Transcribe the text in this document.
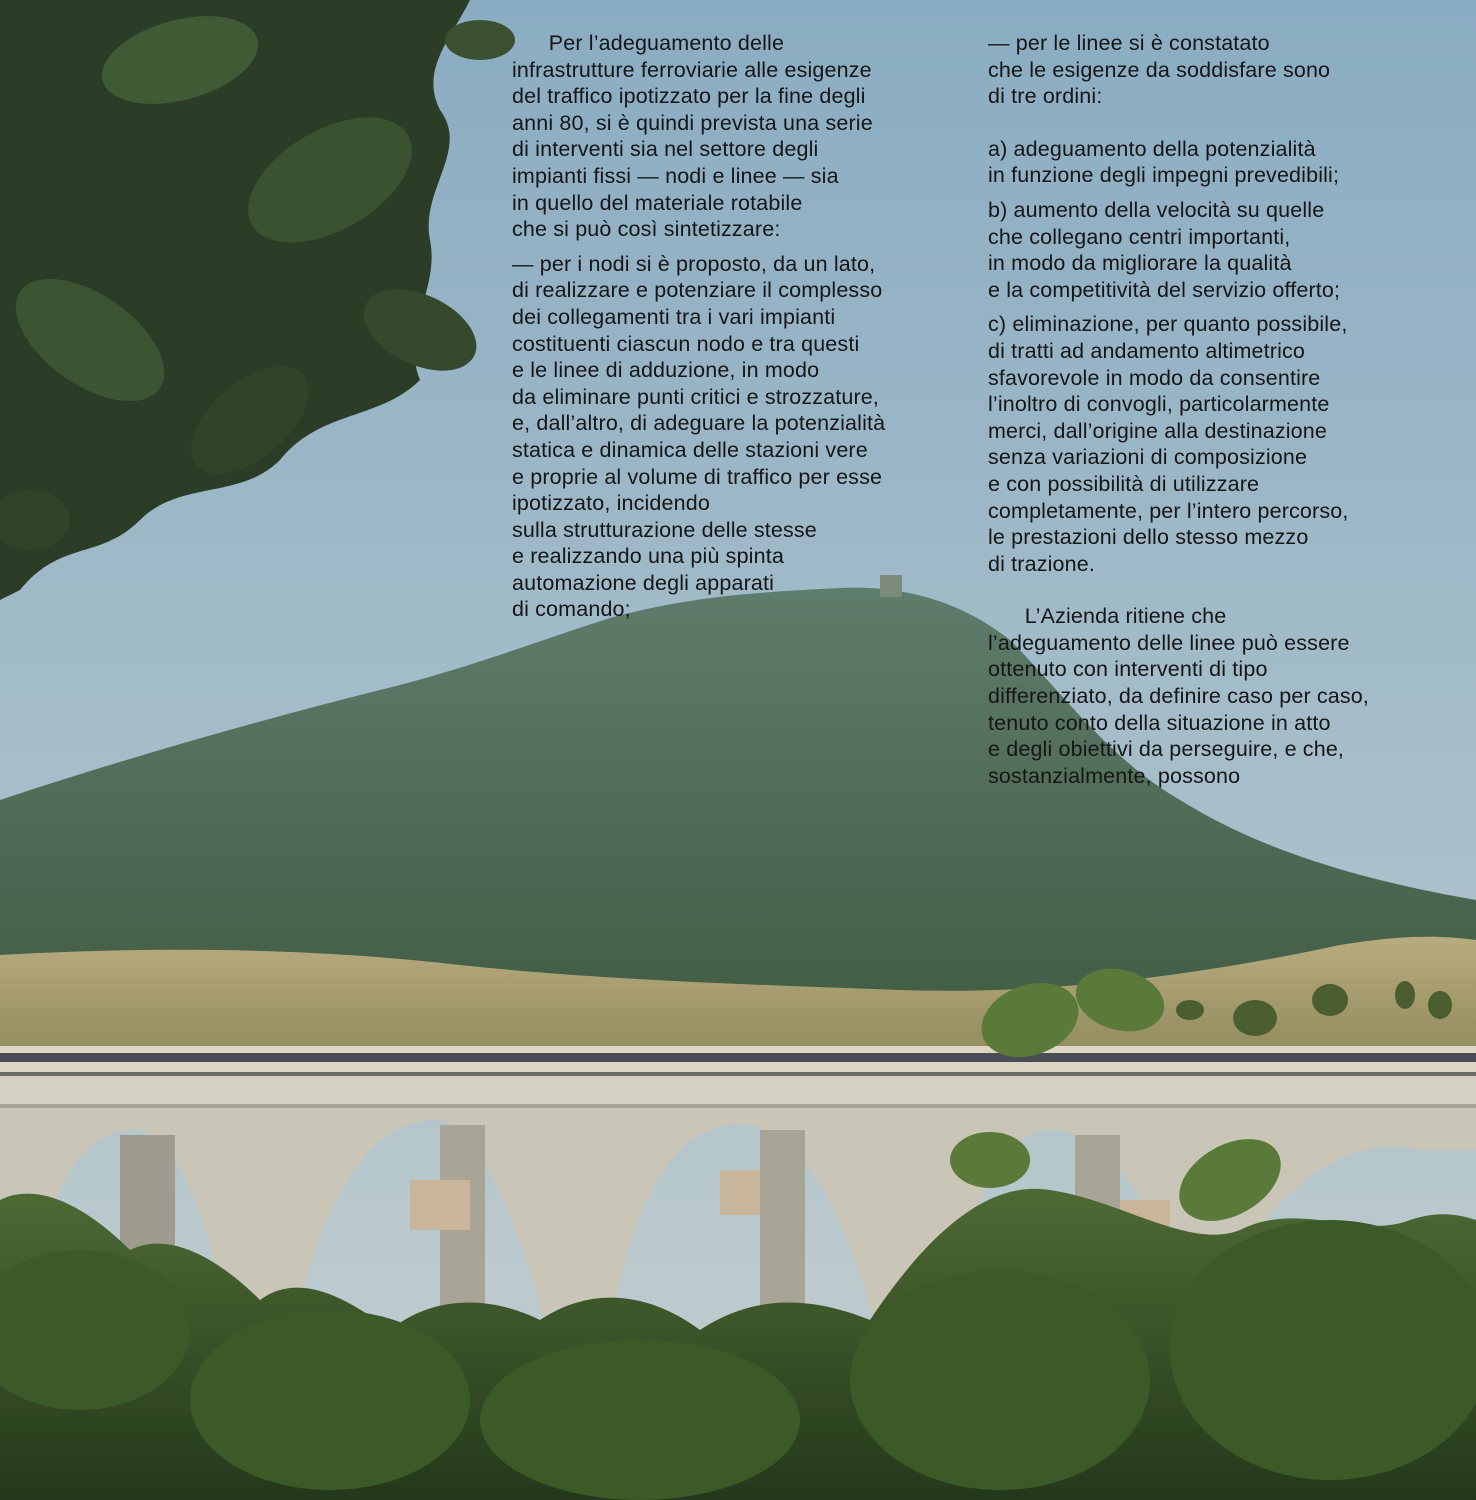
Per l’adeguamento delle
infrastrutture ferroviarie alle esigenze
del traffico ipotizzato per la fine degli
anni 80, si è quindi prevista una serie
di interventi sia nel settore degli
impianti fissi — nodi e linee — sia
in quello del materiale rotabile
che si può così sintetizzare:
— per i nodi si è proposto, da un lato,
di realizzare e potenziare il complesso
dei collegamenti tra i vari impianti
costituenti ciascun nodo e tra questi
e le linee di adduzione, in modo
da eliminare punti critici e strozzature,
e, dall’altro, di adeguare la potenzialità
statica e dinamica delle stazioni vere
e proprie al volume di traffico per esse
ipotizzato, incidendo
sulla strutturazione delle stesse
e realizzando una più spinta
automazione degli apparati
di comando;
— per le linee si è constatato
che le esigenze da soddisfare sono
di tre ordini:
a) adeguamento della potenzialità
in funzione degli impegni prevedibili;
b) aumento della velocità su quelle
che collegano centri importanti,
in modo da migliorare la qualità
e la competitività del servizio offerto;
c) eliminazione, per quanto possibile,
di tratti ad andamento altimetrico
sfavorevole in modo da consentire
l’inoltro di convogli, particolarmente
merci, dall’origine alla destinazione
senza variazioni di composizione
e con possibilità di utilizzare
completamente, per l’intero percorso,
le prestazioni dello stesso mezzo
di trazione.
L’Azienda ritiene che
l’adeguamento delle linee può essere
ottenuto con interventi di tipo
differenziato, da definire caso per caso,
tenuto conto della situazione in atto
e degli obiettivi da perseguire, e che,
sostanzialmente, possono
